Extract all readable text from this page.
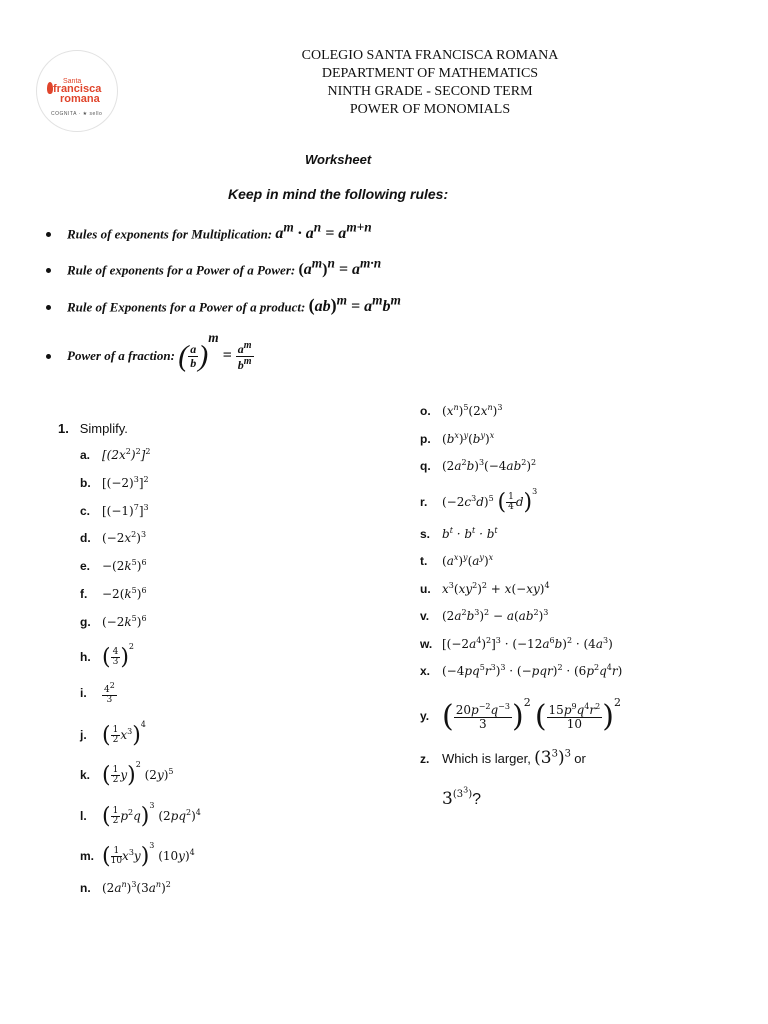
Santa
francisca
romana
COGNITA · ★ sello
COLEGIO SANTA FRANCISCA ROMANA
DEPARTMENT OF MATHEMATICS
NINTH GRADE - SECOND TERM
POWER OF MONOMIALS
Worksheet
Keep in mind the following rules:
Rules of exponents for Multiplication: $a^m \cdot a^n = a^{m+n}$
Rule of exponents for a Power of a Power: $(a^m)^n = a^{m\cdot n}$
Rule of Exponents for a Power of a product: $(ab)^m = a^mb^m$
Power of a fraction: ( $\frac{a}{b} )^m = \frac{a^m}{b^m}$
1. Simplify.
a. $[(2x^2)^2]^2$
b. $[(-2)^3]^2$
c. $[(-1)^7]^3$
d. $(-2x^2)^3$
e. $-(2k^5)^6$
f. $-2(k^5)^6$
g. $(-2k^5)^6$
h. ( $\frac{4}{3} )^2$
i. $\frac{4^2}{3}$
j. ( $\frac{1}{2} x^3)^4$
k. ( $\frac{1}{2} y)^2$ $(2y)^5$
l. ( $\frac{1}{2} p^2q)^3$ $(2pq^2)^4$
m. ( $\frac{1}{10} x^3y)^3$ $(10y)^4$
n. $(2a^n)^3(3a^n)^2$
o. $(x^n)^5(2x^n)^3$
p. $(b^x)^y(b^y)^x$
q. $(2a^2b)^3(-4ab^2)^2$
r. $(-2c^3d)^5$ ( $\frac{1}{4} d)^3$
s. $b^t \cdot b^t \cdot b^t$
t. $(a^x)^y(a^y)^x$
u. $x^3(xy^2)^2 + x(-xy)^4$
v. $(2a^2b^3)^2 - a(ab^2)^3$
w. $[(-2a^4)^2]^3 \cdot (-12a^6b)^2 \cdot (4a^3)$
x. $(-4pq^5r^3)^3 \cdot (-pqr)^2 \cdot (6p^2q^4r)$
y. ( $\frac{20p^{-2}q^{-3}}{3} )^2$ ( $\frac{15p^9q^4r^2}{10} )^2$
z. Which is larger, $(3^3)^3$ or
3$^{(3^3)}$?
